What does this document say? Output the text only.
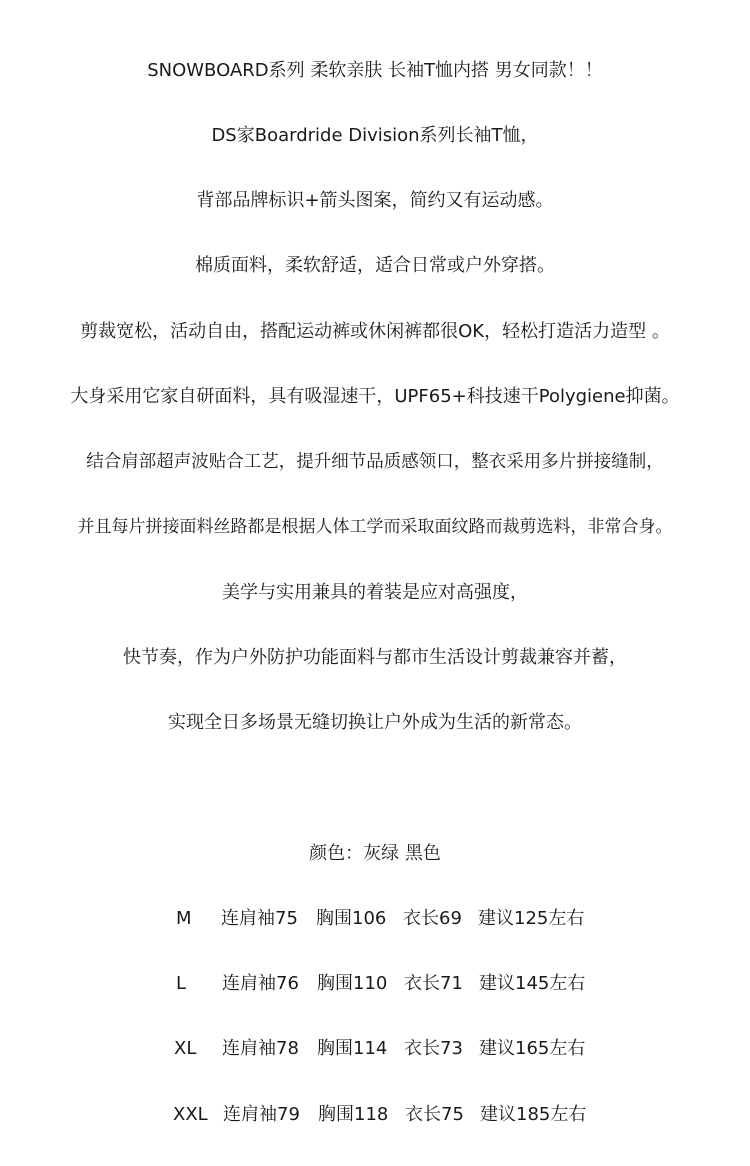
SNOWBOARD系列 柔软亲肤 长袖T恤内搭 男女同款！！
DS家Boardride Division系列长袖T恤，
背部品牌标识+箭头图案，简约又有运动感。
棉质面料，柔软舒适，适合日常或户外穿搭。
剪裁宽松，活动自由，搭配运动裤或休闲裤都很OK，轻松打造活力造型 。
大身采用它家自研面料，具有吸湿速干，UPF65+科技速干Polygiene抑菌。
结合肩部超声波贴合工艺，提升细节品质感领口，整衣采用多片拼接缝制，
并且每片拼接面料丝路都是根据人体工学而采取面纹路而裁剪选料，非常合身。
美学与实用兼具的着装是应对高强度，
快节奏，作为户外防护功能面料与都市生活设计剪裁兼容并蓄，
实现全日多场景无缝切换让户外成为生活的新常态。
颜色：灰绿 黑色
M 连肩袖75 胸围106 衣长69 建议125左右
L 连肩袖76 胸围110 衣长71 建议145左右
XL 连肩袖78 胸围114 衣长73 建议165左右
XXL 连肩袖79 胸围118 衣长75 建议185左右
